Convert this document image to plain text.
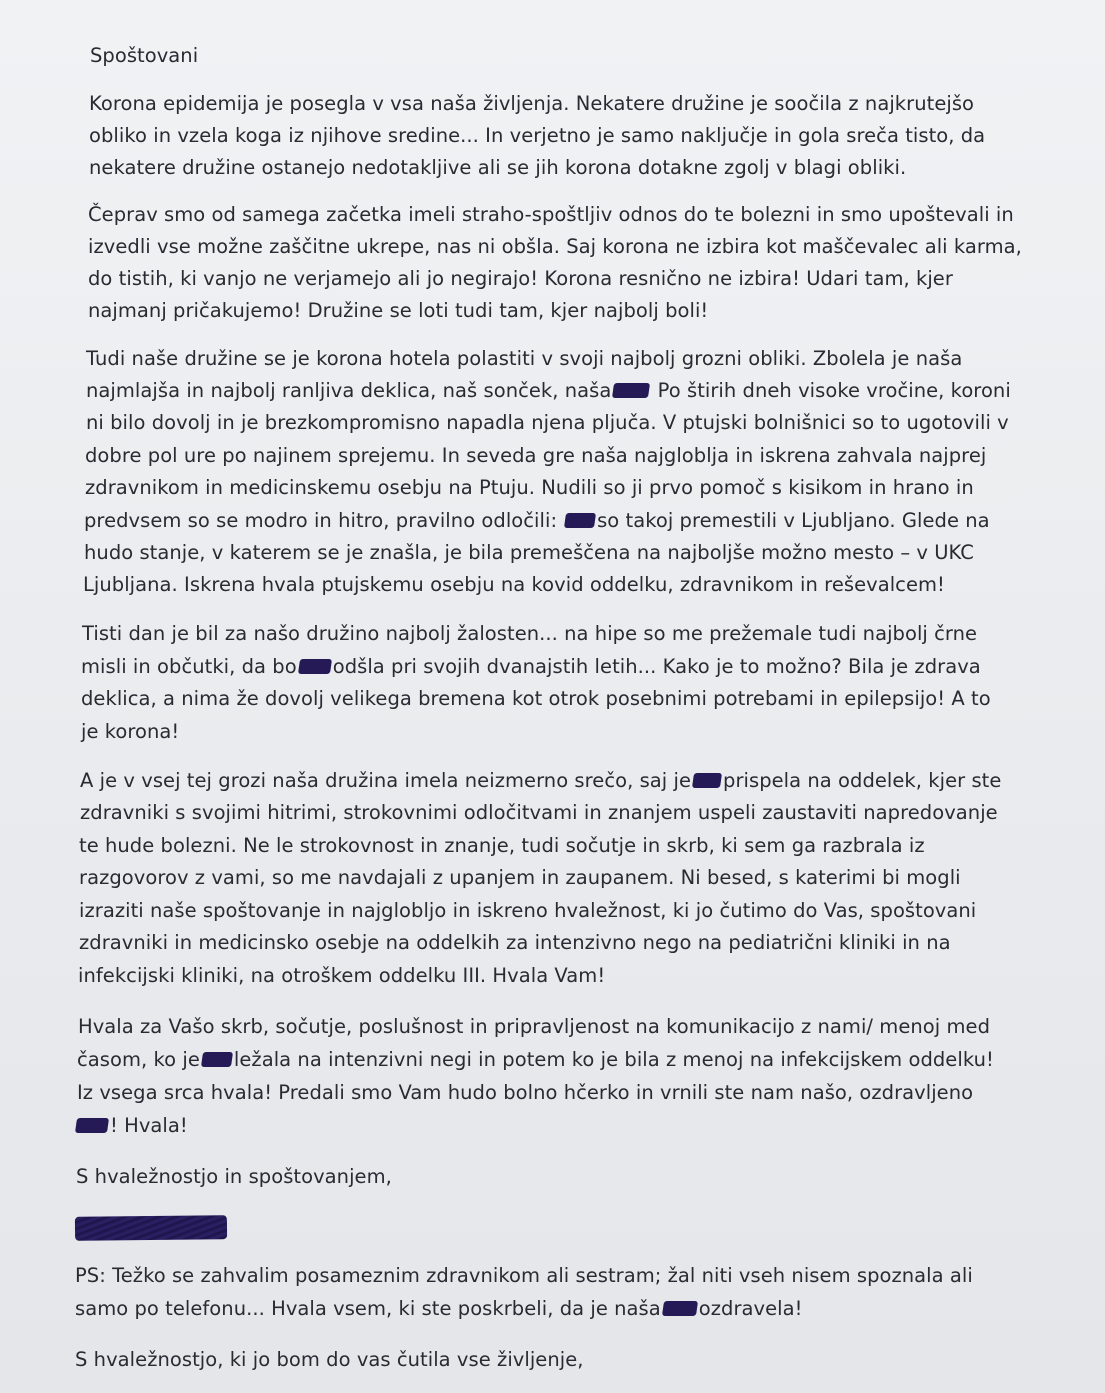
Spoštovani
Korona epidemija je posegla v vsa naša življenja. Nekatere družine je soočila z najkrutejšo
obliko in vzela koga iz njihove sredine... In verjetno je samo naključje in gola sreča tisto, da
nekatere družine ostanejo nedotakljive ali se jih korona dotakne zgolj v blagi obliki.
Čeprav smo od samega začetka imeli straho-spoštljiv odnos do te bolezni in smo upoštevali in
izvedli vse možne zaščitne ukrepe, nas ni obšla. Saj korona ne izbira kot maščevalec ali karma,
do tistih, ki vanjo ne verjamejo ali jo negirajo! Korona resnično ne izbira! Udari tam, kjer
najmanj pričakujemo! Družine se loti tudi tam, kjer najbolj boli!
Tudi naše družine se je korona hotela polastiti v svoji najbolj grozni obliki. Zbolela je naša
najmlajša in najbolj ranljiva deklica, naš sonček, naša Po štirih dneh visoke vročine, koroni
ni bilo dovolj in je brezkompromisno napadla njena pljuča. V ptujski bolnišnici so to ugotovili v
dobre pol ure po najinem sprejemu. In seveda gre naša najgloblja in iskrena zahvala najprej
zdravnikom in medicinskemu osebju na Ptuju. Nudili so ji prvo pomoč s kisikom in hrano in
predvsem so se modro in hitro, pravilno odločili: so takoj premestili v Ljubljano. Glede na
hudo stanje, v katerem se je znašla, je bila premeščena na najboljše možno mesto – v UKC
Ljubljana. Iskrena hvala ptujskemu osebju na kovid oddelku, zdravnikom in reševalcem!
Tisti dan je bil za našo družino najbolj žalosten... na hipe so me prežemale tudi najbolj črne
misli in občutki, da bo odšla pri svojih dvanajstih letih... Kako je to možno? Bila je zdrava
deklica, a nima že dovolj velikega bremena kot otrok posebnimi potrebami in epilepsijo! A to
je korona!
A je v vsej tej grozi naša družina imela neizmerno srečo, saj je prispela na oddelek, kjer ste
zdravniki s svojimi hitrimi, strokovnimi odločitvami in znanjem uspeli zaustaviti napredovanje
te hude bolezni. Ne le strokovnost in znanje, tudi sočutje in skrb, ki sem ga razbrala iz
razgovorov z vami, so me navdajali z upanjem in zaupanem. Ni besed, s katerimi bi mogli
izraziti naše spoštovanje in najglobljo in iskreno hvaležnost, ki jo čutimo do Vas, spoštovani
zdravniki in medicinsko osebje na oddelkih za intenzivno nego na pediatrični kliniki in na
infekcijski kliniki, na otroškem oddelku III. Hvala Vam!
Hvala za Vašo skrb, sočutje, poslušnost in pripravljenost na komunikacijo z nami/ menoj med
časom, ko je ležala na intenzivni negi in potem ko je bila z menoj na infekcijskem oddelku!
Iz vsega srca hvala! Predali smo Vam hudo bolno hčerko in vrnili ste nam našo, ozdravljeno
! Hvala!
S hvaležnostjo in spoštovanjem,
PS: Težko se zahvalim posameznim zdravnikom ali sestram; žal niti vseh nisem spoznala ali
samo po telefonu... Hvala vsem, ki ste poskrbeli, da je naša ozdravela!
S hvaležnostjo, ki jo bom do vas čutila vse življenje,
